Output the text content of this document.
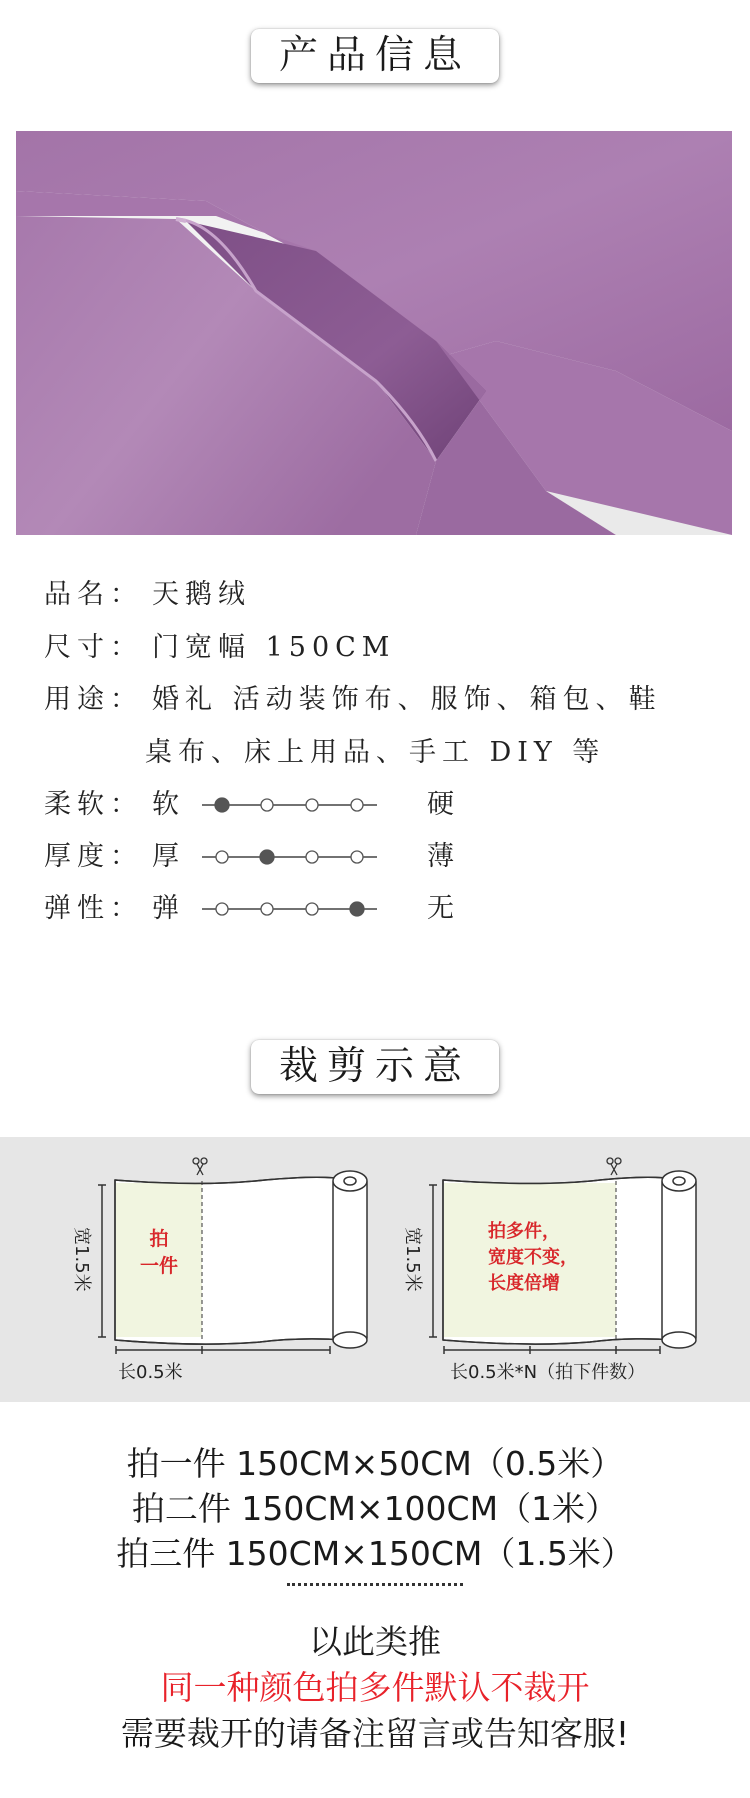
产品信息
品名： 天鹅绒
尺寸： 门宽幅 150CM
用途： 婚礼 活动装饰布、服饰、箱包、鞋
桌布、床上用品、手工 DIY 等
柔软： 软	硬
厚度： 厚	薄
弹性： 弹	无
裁剪示意
宽1.5米	拍
一件
长0.5米
宽1.5米	拍多件，
宽度不变，
长度倍增
长0.5米*N（拍下件数）
拍一件 150CM×50CM（0.5米）
拍二件 150CM×100CM（1米）
拍三件 150CM×150CM（1.5米）
以此类推
同一种颜色拍多件默认不裁开
需要裁开的请备注留言或告知客服!
